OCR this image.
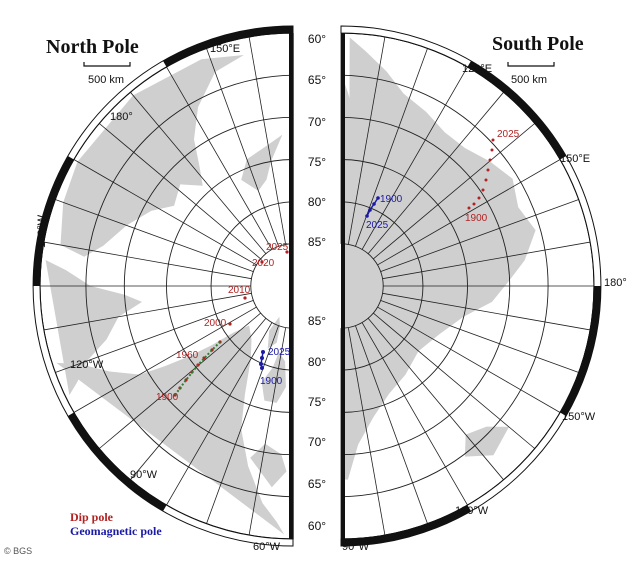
150°E
180°
150°W
120°W
90°W
60°W
1900
1960
2000
2010
2020
2025
2025
1900
120°E
150°E
180°
150°W
120°W
90°W
2025
1900
1900
2025
60°
65°
70°
75°
80°
85°
85°
80°
75°
70°
65°
60°
North Pole	South Pole
500 km	500 km
Dip pole
Geomagnetic pole
© BGS
